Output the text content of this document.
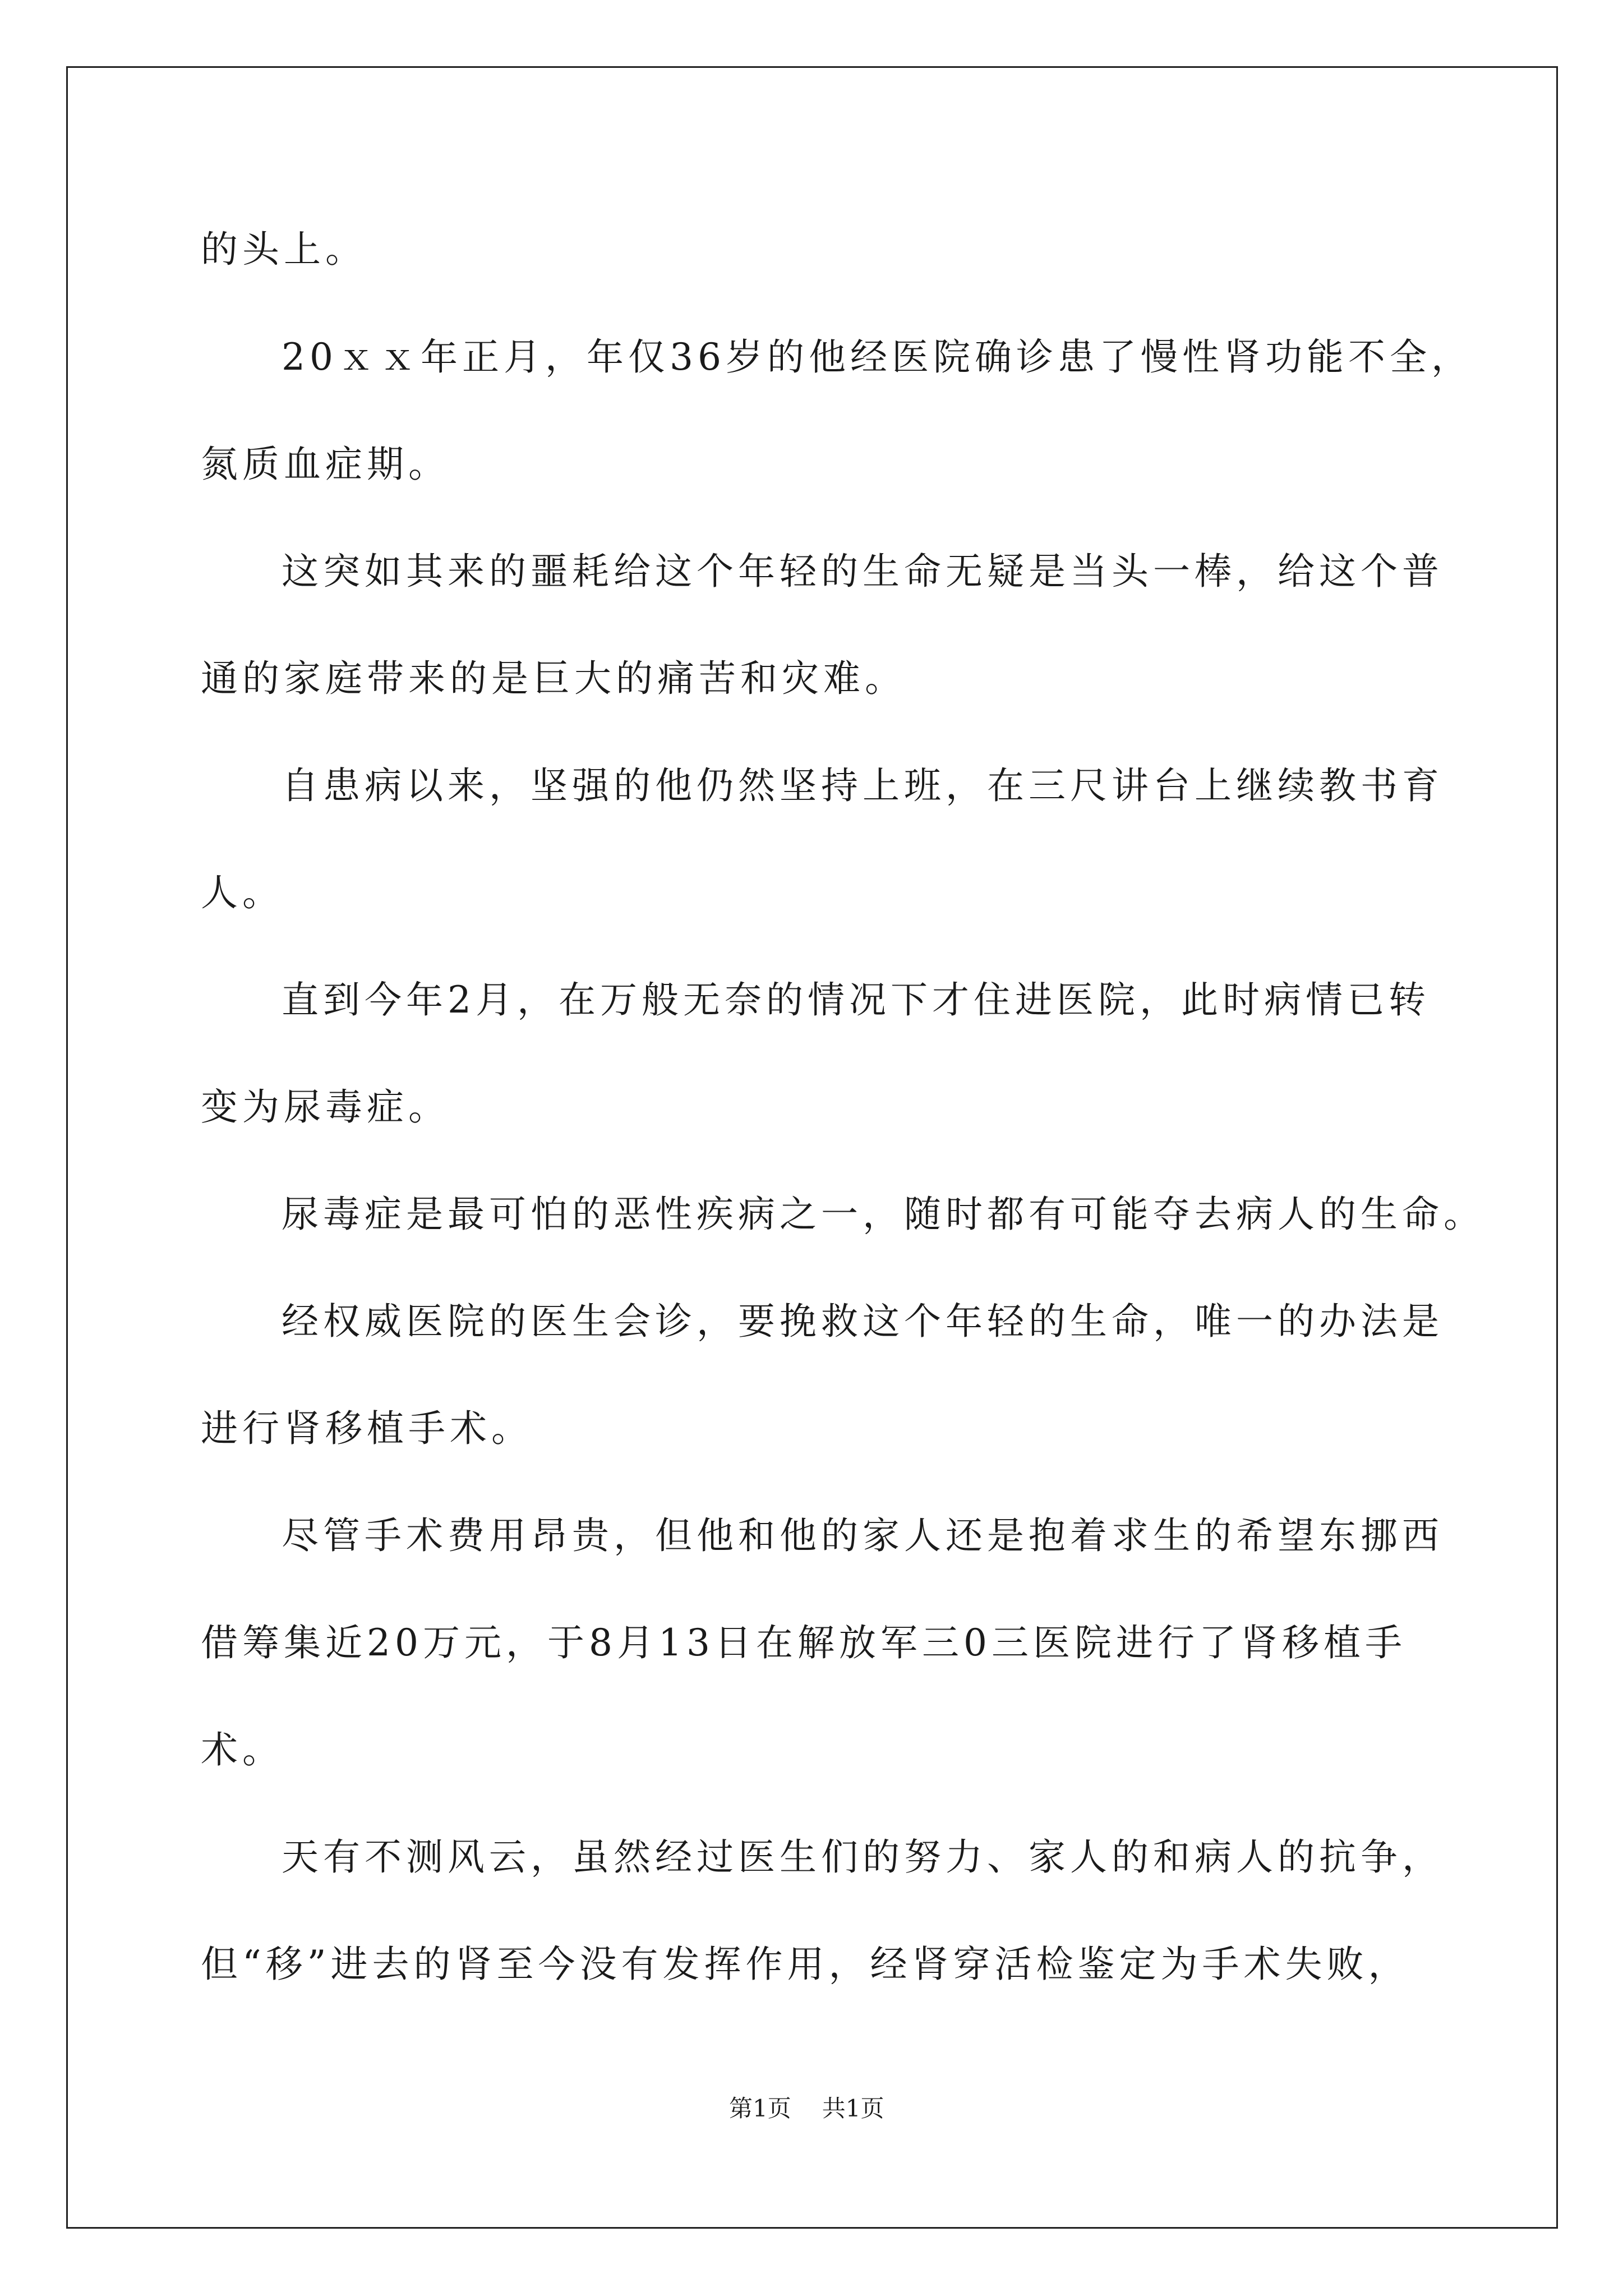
的头上。
20ｘｘ年正月，年仅36岁的他经医院确诊患了慢性肾功能不全，
氮质血症期。
这突如其来的噩耗给这个年轻的生命无疑是当头一棒，给这个普
通的家庭带来的是巨大的痛苦和灾难。
自患病以来，坚强的他仍然坚持上班，在三尺讲台上继续教书育
人。
直到今年2月，在万般无奈的情况下才住进医院，此时病情已转
变为尿毒症。
尿毒症是最可怕的恶性疾病之一，随时都有可能夺去病人的生命。
经权威医院的医生会诊，要挽救这个年轻的生命，唯一的办法是
进行肾移植手术。
尽管手术费用昂贵，但他和他的家人还是抱着求生的希望东挪西
借筹集近20万元，于8月13日在解放军三0三医院进行了肾移植手
术。
天有不测风云，虽然经过医生们的努力、家人的和病人的抗争，
但“移”进去的肾至今没有发挥作用，经肾穿活检鉴定为手术失败，
第1页 共1页
